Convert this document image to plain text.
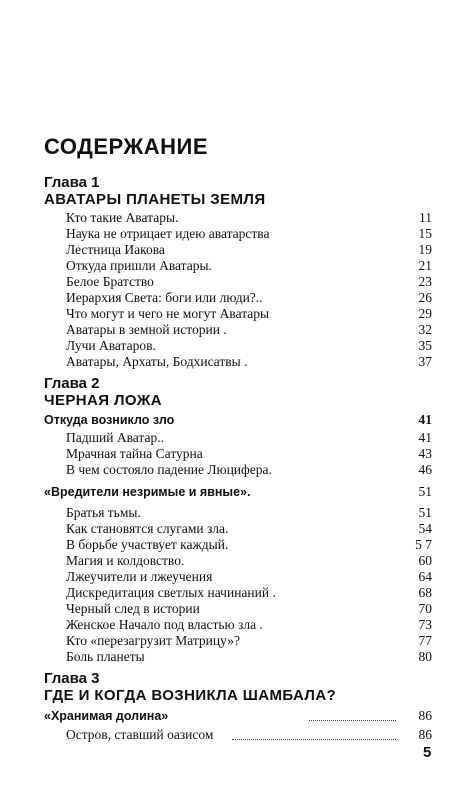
СОДЕРЖАНИЕ
Глава 1
АВАТАРЫ ПЛАНЕТЫ ЗЕМЛЯ
Кто такие Аватары.	11
Наука не отрицает идею аватарства	15
Лестница Иакова	19
Откуда пришли Аватары.	21
Белое Братство	23
Иерархия Света: боги или люди?..	26
Что могут и чего не могут Аватары	29
Аватары в земной истории .	32
Лучи Аватаров.	35
Аватары, Архаты, Бодхисатвы .	37
Глава 2
ЧЕРНАЯ ЛОЖА
Откуда возникло зло	41
Падший Аватар..	41
Мрачная тайна Сатурна	43
В чем состояло падение Люцифера.	46
«Вредители незримые и явные».	51
Братья тьмы.	51
Как становятся слугами зла.	54
В борьбе участвует каждый.	5 7
Магия и колдовство.	60
Лжеучители и лжеучения	64
Дискредитация светлых начинаний .	68
Черный след в истории	70
Женское Начало под властью зла .	73
Кто «перезагрузит Матрицу»?	77
Боль планеты	80
Глава 3
ГДЕ И КОГДА ВОЗНИКЛА ШАМБАЛА?
«Хранимая долина»	86
Остров, ставший оазисом	86
5
